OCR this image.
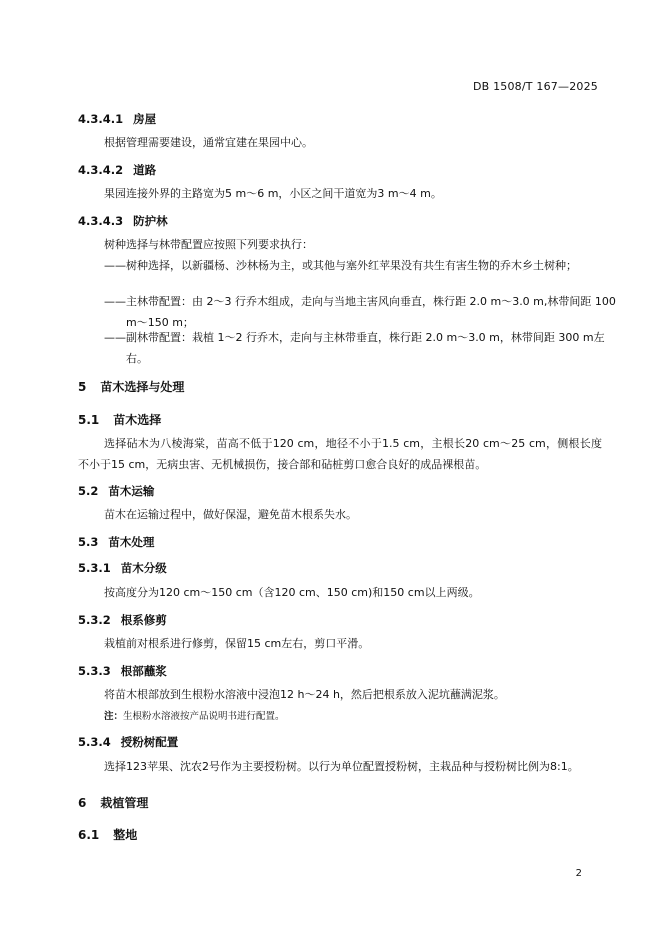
DB 1508/T 167—2025
4.3.4.1 房屋
根据管理需要建设，通常宜建在果园中心。
4.3.4.2 道路
果园连接外界的主路宽为5 m～6 m，小区之间干道宽为3 m～4 m。
4.3.4.3 防护林
树种选择与林带配置应按照下列要求执行：
——树种选择，以新疆杨、沙林杨为主，或其他与塞外红苹果没有共生有害生物的乔木乡土树种；
——主林带配置：由 2～3 行乔木组成，走向与当地主害风向垂直，株行距 2.0 m～3.0 m,林带间距 100 m～150 m；
——副林带配置：栽植 1～2 行乔木，走向与主林带垂直，株行距 2.0 m～3.0 m，林带间距 300 m左右。
5 苗木选择与处理
5.1 苗木选择
选择砧木为八棱海棠，苗高不低于120 cm，地径不小于1.5 cm，主根长20 cm～25 cm，侧根长度不小于15 cm，无病虫害、无机械损伤，接合部和砧桩剪口愈合良好的成品裸根苗。
5.2 苗木运输
苗木在运输过程中，做好保湿，避免苗木根系失水。
5.3 苗木处理
5.3.1 苗木分级
按高度分为120 cm～150 cm（含120 cm、150 cm)和150 cm以上两级。
5.3.2 根系修剪
栽植前对根系进行修剪，保留15 cm左右，剪口平滑。
5.3.3 根部蘸浆
将苗木根部放到生根粉水溶液中浸泡12 h～24 h，然后把根系放入泥坑蘸满泥浆。
注：生根粉水溶液按产品说明书进行配置。
5.3.4 授粉树配置
选择123苹果、沈农2号作为主要授粉树。以行为单位配置授粉树，主栽品种与授粉树比例为8:1。
6 栽植管理
6.1 整地
2
